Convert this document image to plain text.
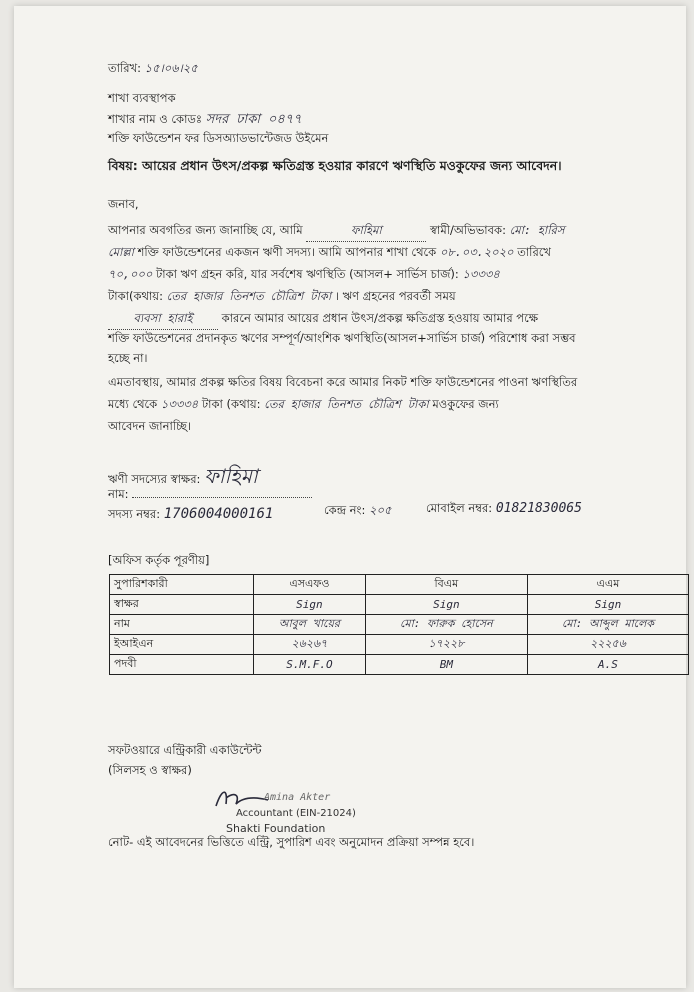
তারিখ: ১৫।০৬।২৫
শাখা ব্যবস্থাপক
শাখার নাম ও কোডঃ সদর ঢাকা ০৪৭৭
শক্তি ফাউন্ডেশন ফর ডিসঅ্যাডভান্টেজড উইমেন
বিষয়: আয়ের প্রধান উৎস/প্রকল্প ক্ষতিগ্রস্ত হওয়ার কারণে ঋণস্থিতি মওকুফের জন্য আবেদন।
জনাব,
আপনার অবগতির জন্য জানাচ্ছি যে, আমি	ফাহিমা	স্বামী/অভিভাবক: মো: হারিস
মোল্লা শক্তি ফাউন্ডেশনের একজন ঋণী সদস্য। আমি আপনার শাখা থেকে ০৮.০৩.২০২০ তারিখে
৭০,০০০ টাকা ঋণ গ্রহন করি, যার সর্বশেষ ঋণস্থিতি (আসল+ সার্ভিস চার্জ): ১৩৩৩৪
টাকা(কথায়: তের হাজার তিনশত চৌত্রিশ টাকা । ঋণ গ্রহনের পরবর্তী সময়
ব্যবসা হারাই	কারনে আমার আয়ের প্রধান উৎস/প্রকল্প ক্ষতিগ্রস্ত হওয়ায় আমার পক্ষে
শক্তি ফাউন্ডেশনের প্রদানকৃত ঋণের সম্পূর্ণ/আংশিক ঋণস্থিতি(আসল+সার্ভিস চার্জ) পরিশোধ করা সম্ভব
হচ্ছে না।
এমতাবস্থায়, আমার প্রকল্প ক্ষতির বিষয় বিবেচনা করে আমার নিকট শক্তি ফাউন্ডেশনের পাওনা ঋণস্থিতির
মধ্যে থেকে ১৩৩৩৪ টাকা (কথায়: তের হাজার তিনশত চৌত্রিশ টাকা মওকুফের জন্য
আবেদন জানাচ্ছি।
ঋণী সদস্যের স্বাক্ষর: ফাহিমা
নাম:
সদস্য নম্বর: 1706004000161	কেন্দ্র নং: ২০৫	মোবাইল নম্বর: 01821830065
[অফিস কর্তৃক পূরণীয়]
সুপারিশকারী	এসএফও	বিএম	এএম
স্বাক্ষর	Sign	Sign	Sign
নাম	আবুল খায়ের	মো: ফারুক হোসেন	মো: আব্দুল মালেক
ইআইএন	২৬২৬৭	১৭২২৮	২২২৫৬
পদবী	S.M.F.O	BM	A.S
সফটওয়ারে এন্ট্রিকারী একাউন্টেন্ট
(সিলসহ ও স্বাক্ষর)
Amina Akter
Accountant (EIN-21024)
Shakti Foundation
নোট- এই আবেদনের ভিত্তিতে এন্ট্রি, সুপারিশ এবং অনুমোদন প্রক্রিয়া সম্পন্ন হবে।
